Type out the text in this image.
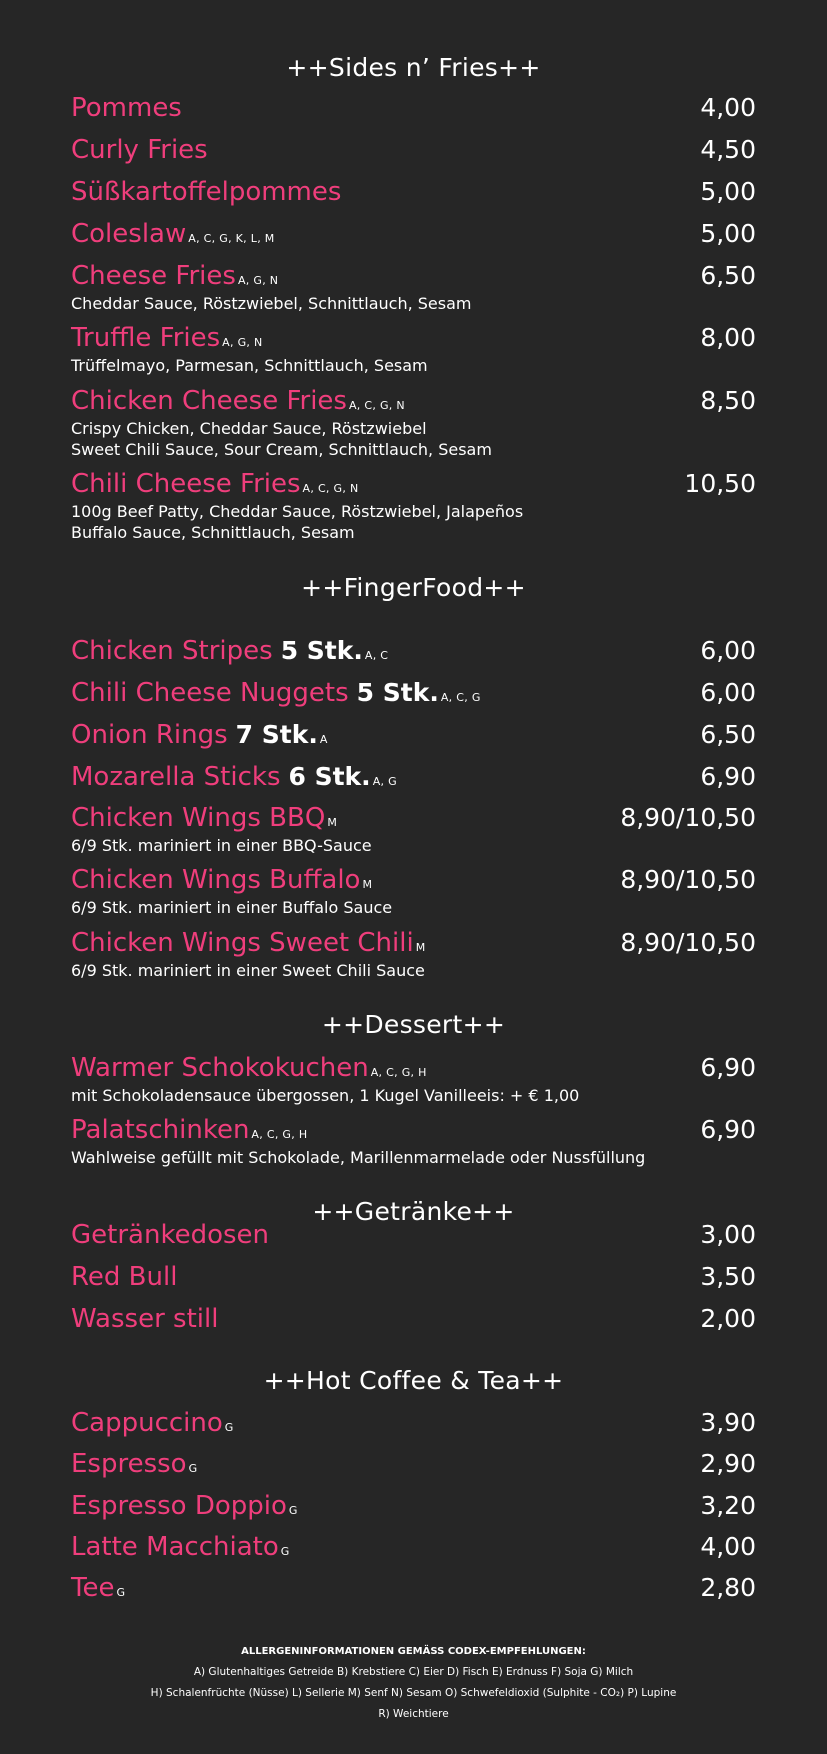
++Sides n’ Fries++
Pommes	4,00
Curly Fries	4,50
Süßkartoffelpommes	5,00
Coleslaw A, C, G, K, L, M	5,00
Cheese Fries A, G, N	6,50
Cheddar Sauce, Röstzwiebel, Schnittlauch, Sesam
Truffle Fries A, G, N	8,00
Trüffelmayo, Parmesan, Schnittlauch, Sesam
Chicken Cheese Fries A, C, G, N	8,50
Crispy Chicken, Cheddar Sauce, Röstzwiebel
Sweet Chili Sauce, Sour Cream, Schnittlauch, Sesam
Chili Cheese Fries A, C, G, N	10,50
100g Beef Patty, Cheddar Sauce, Röstzwiebel, Jalapeños
Buffalo Sauce, Schnittlauch, Sesam
++FingerFood++
Chicken Stripes 5 Stk. A, C	6,00
Chili Cheese Nuggets 5 Stk. A, C, G	6,00
Onion Rings 7 Stk. A	6,50
Mozarella Sticks 6 Stk. A, G	6,90
Chicken Wings BBQ M	8,90/10,50
6/9 Stk. mariniert in einer BBQ-Sauce
Chicken Wings Buffalo M	8,90/10,50
6/9 Stk. mariniert in einer Buffalo Sauce
Chicken Wings Sweet Chili M	8,90/10,50
6/9 Stk. mariniert in einer Sweet Chili Sauce
++Dessert++
Warmer Schokokuchen A, C, G, H	6,90
mit Schokoladensauce übergossen, 1 Kugel Vanilleeis: + € 1,00
Palatschinken A, C, G, H	6,90
Wahlweise gefüllt mit Schokolade, Marillenmarmelade oder Nussfüllung
++Getränke++
Getränkedosen	3,00
Red Bull	3,50
Wasser still	2,00
++Hot Coffee & Tea++
Cappuccino G	3,90
Espresso G	2,90
Espresso Doppio G	3,20
Latte Macchiato G	4,00
Tee G	2,80
ALLERGENINFORMATIONEN GEMÄSS CODEX-EMPFEHLUNGEN:
A) Glutenhaltiges Getreide B) Krebstiere C) Eier D) Fisch E) Erdnuss F) Soja G) Milch
H) Schalenfrüchte (Nüsse) L) Sellerie M) Senf N) Sesam O) Schwefeldioxid (Sulphite - CO₂) P) Lupine
R) Weichtiere
